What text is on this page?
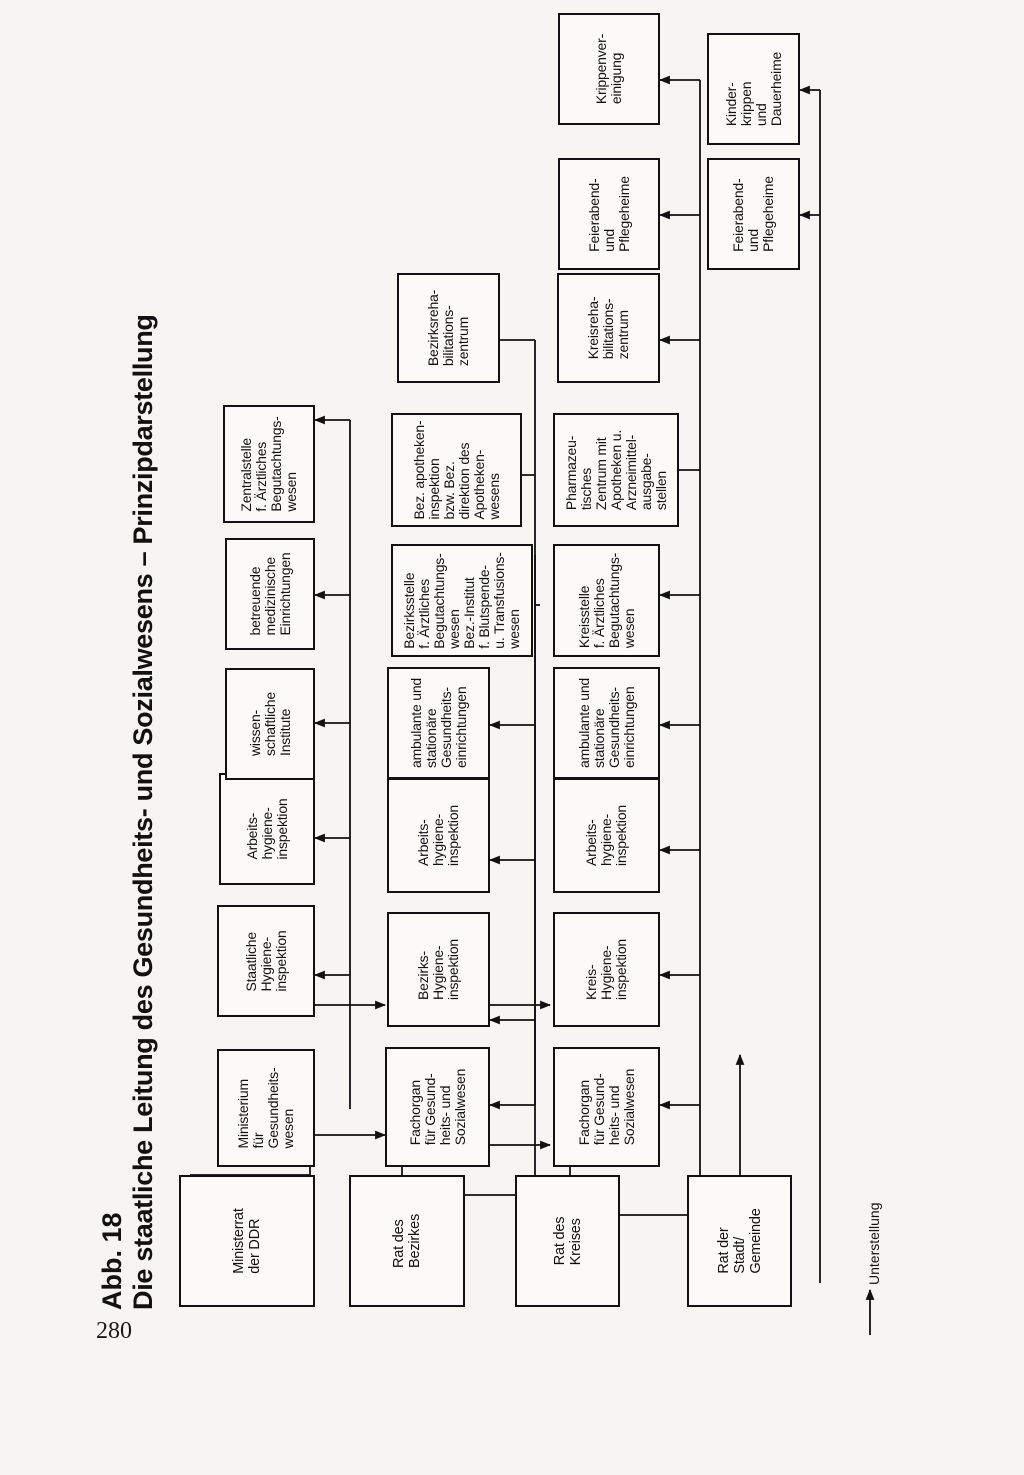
280
Abb. 18 Die staatliche Leitung des Gesundheits- und Sozialwesens – Prinzipdarstellung	Ministerrat
der DDR
Rat des
Bezirkes	Rat des
Kreises	Rat der
Stadt/
Gemeinde
Ministerium
für
Gesundheits-
wesen
Staatliche
Hygiene-
inspektion
Arbeits-
hygiene-
inspektion
wissen-
schaftliche
Institute
betreuende
medizinische
Einrichtungen
Zentralstelle
f. Ärztliches
Begutachtungs-
wesen
Fachorgan
für Gesund-
heits- und
Sozialwesen
Bezirks-
Hygiene-
inspektion
Arbeits-
hygiene-
inspektion
ambulante und
stationäre
Gesundheits-
einrichtungen
Bezirksstelle
f. Ärztliches
Begutachtungs-
wesen
Bez.-Institut
f. Blutspende-
u. Transfusions-
wesen
Bez. apotheken-
inspektion
bzw. Bez.
direktion des
Apotheken-
wesens
Bezirksreha-
bilitations-
zentrum
Fachorgan
für Gesund-
heits- und
Sozialwesen
Kreis-
Hygiene-
inspektion
Arbeits-
hygiene-
inspektion
ambulante und
stationäre
Gesundheits-
einrichtungen
Kreisstelle
f. Ärztliches
Begutachtungs-
wesen
Pharmazeu-
tisches
Zentrum mit
Apotheken u.
Arzneimittel-
ausgabe-
stellen
Kreisreha-
bilitations-
zentrum
Feierabend-
und
Pflegeheime
Krippenver-
einigung
Feierabend-
und
Pflegeheime
Kinder-
krippen
und
Dauerheime
Unterstellung
